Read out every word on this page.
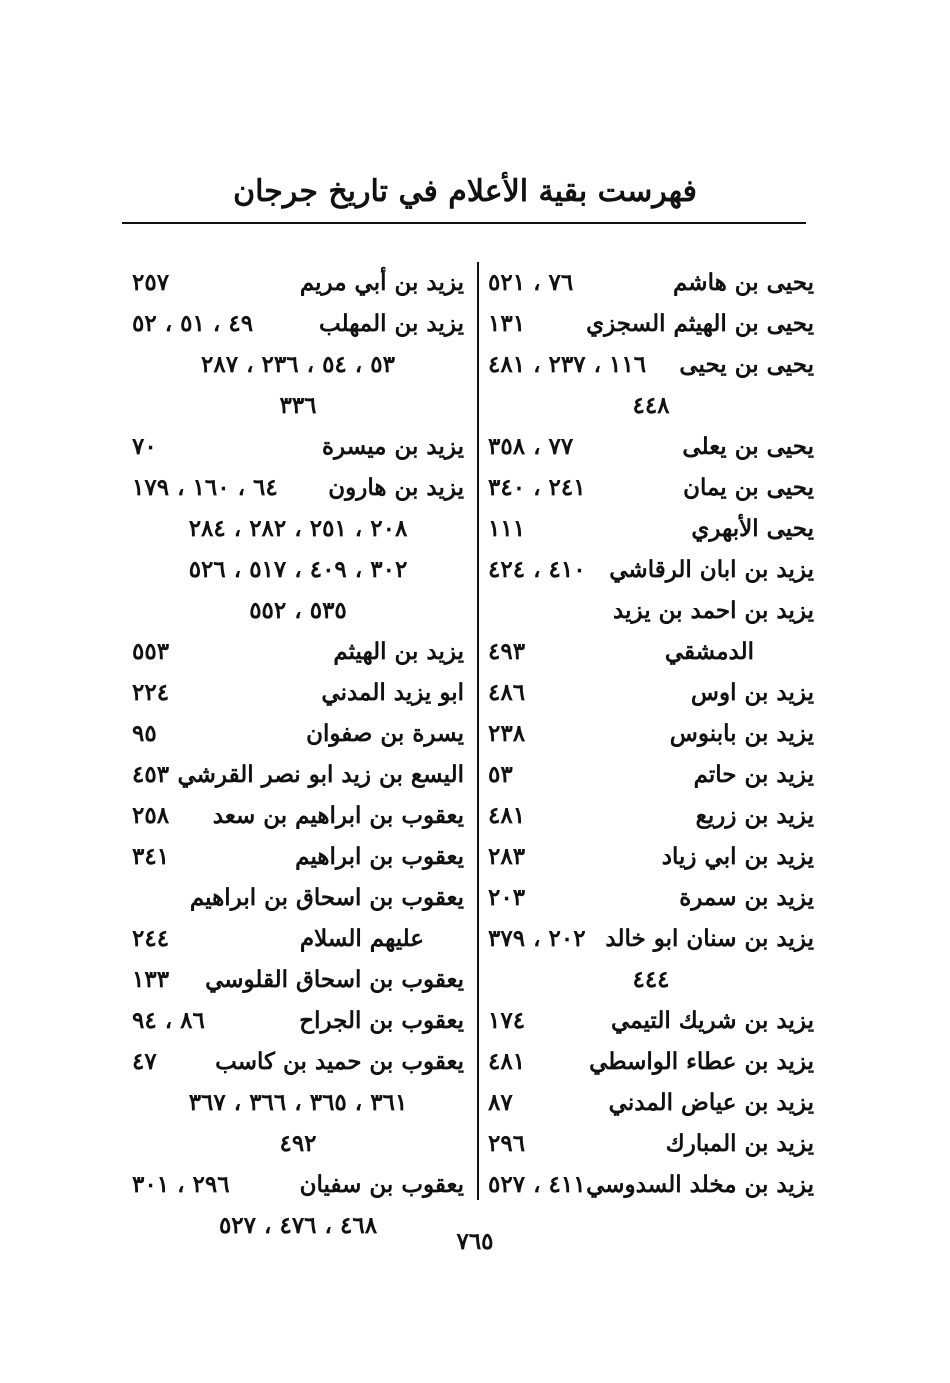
فهرست بقية الأعلام في تاريخ جرجان
يحيى بن هاشم
٧٦ ، ٥٢١
يحيى بن الهيثم السجزي
١٣١
يحيى بن يحيى
١١٦ ، ٢٣٧ ، ٤٨١
٤٤٨
يحيى بن يعلى
٧٧ ، ٣٥٨
يحيى بن يمان
٢٤١ ، ٣٤٠
يحيى الأبهري
١١١
يزيد بن ابان الرقاشي
٤١٠ ، ٤٢٤
يزيد بن احمد بن يزيد
الدمشقي
٤٩٣
يزيد بن اوس
٤٨٦
يزيد بن بابنوس
٢٣٨
يزيد بن حاتم
٥٣
يزيد بن زريع
٤٨١
يزيد بن ابي زياد
٢٨٣
يزيد بن سمرة
٢٠٣
يزيد بن سنان ابو خالد
٢٠٢ ، ٣٧٩
٤٤٤
يزيد بن شريك التيمي
١٧٤
يزيد بن عطاء الواسطي
٤٨١
يزيد بن عياض المدني
٨٧
يزيد بن المبارك
٢٩٦
يزيد بن مخلد السدوسي
٤١١ ، ٥٢٧
يزيد بن أبي مريم
٢٥٧
يزيد بن المهلب
٤٩ ، ٥١ ، ٥٢
٥٣ ، ٥٤ ، ٢٣٦ ، ٢٨٧
٣٣٦
يزيد بن ميسرة
٧٠
يزيد بن هارون
٦٤ ، ١٦٠ ، ١٧٩
٢٠٨ ، ٢٥١ ، ٢٨٢ ، ٢٨٤
٣٠٢ ، ٤٠٩ ، ٥١٧ ، ٥٢٦
٥٣٥ ، ٥٥٢
يزيد بن الهيثم
٥٥٣
ابو يزيد المدني
٢٢٤
يسرة بن صفوان
٩٥
اليسع بن زيد ابو نصر القرشي
٤٥٣
يعقوب بن ابراهيم بن سعد
٢٥٨
يعقوب بن ابراهيم
٣٤١
يعقوب بن اسحاق بن ابراهيم
عليهم السلام
٢٤٤
يعقوب بن اسحاق القلوسي
١٣٣
يعقوب بن الجراح
٨٦ ، ٩٤
يعقوب بن حميد بن كاسب
٤٧
٣٦١ ، ٣٦٥ ، ٣٦٦ ، ٣٦٧
٤٩٢
يعقوب بن سفيان
٢٩٦ ، ٣٠١
٤٦٨ ، ٤٧٦ ، ٥٢٧
٧٦٥
